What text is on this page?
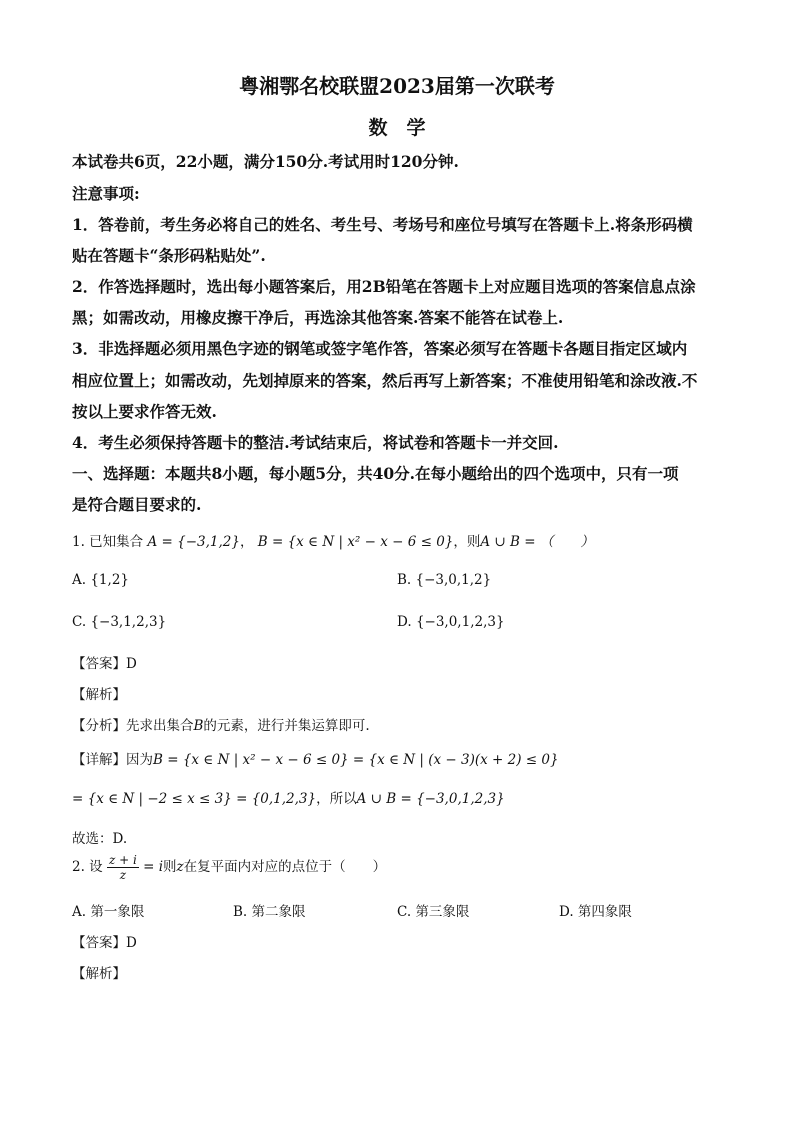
粤湘鄂名校联盟2023届第一次联考
数　学
本试卷共6页，22小题，满分150分.考试用时120分钟.
注意事项:
1．答卷前，考生务必将自己的姓名、考生号、考场号和座位号填写在答题卡上.将条形码横
贴在答题卡“条形码粘贴处”.
2．作答选择题时，选出每小题答案后，用2B铅笔在答题卡上对应题目选项的答案信息点涂
黑；如需改动，用橡皮擦干净后，再选涂其他答案.答案不能答在试卷上.
3．非选择题必须用黑色字迹的钢笔或签字笔作答，答案必须写在答题卡各题目指定区域内
相应位置上；如需改动，先划掉原来的答案，然后再写上新答案；不准使用铅笔和涂改液.不
按以上要求作答无效.
4．考生必须保持答题卡的整洁.考试结束后，将试卷和答题卡一并交回.
一、选择题：本题共8小题，每小题5分，共40分.在每小题给出的四个选项中，只有一项
是符合题目要求的.
1. 已知集合 A = {−3,1,2}， B = {x ∈ N | x² − x − 6 ≤ 0}，则A ∪ B = （　　）
A. {1,2}	B. {−3,0,1,2}
C. {−3,1,2,3}	D. {−3,0,1,2,3}
【答案】D
【解析】
【分析】先求出集合B的元素，进行并集运算即可.
【详解】因为B = {x ∈ N | x² − x − 6 ≤ 0} = {x ∈ N | (x − 3)(x + 2) ≤ 0}
= {x ∈ N | −2 ≤ x ≤ 3} = {0,1,2,3}，所以A ∪ B = {−3,0,1,2,3}
故选：D.
2. 设 $\frac{z + i}{z} = i$则z在复平面内对应的点位于（　　）
A. 第一象限	B. 第二象限	C. 第三象限	D. 第四象限
【答案】D
【解析】
